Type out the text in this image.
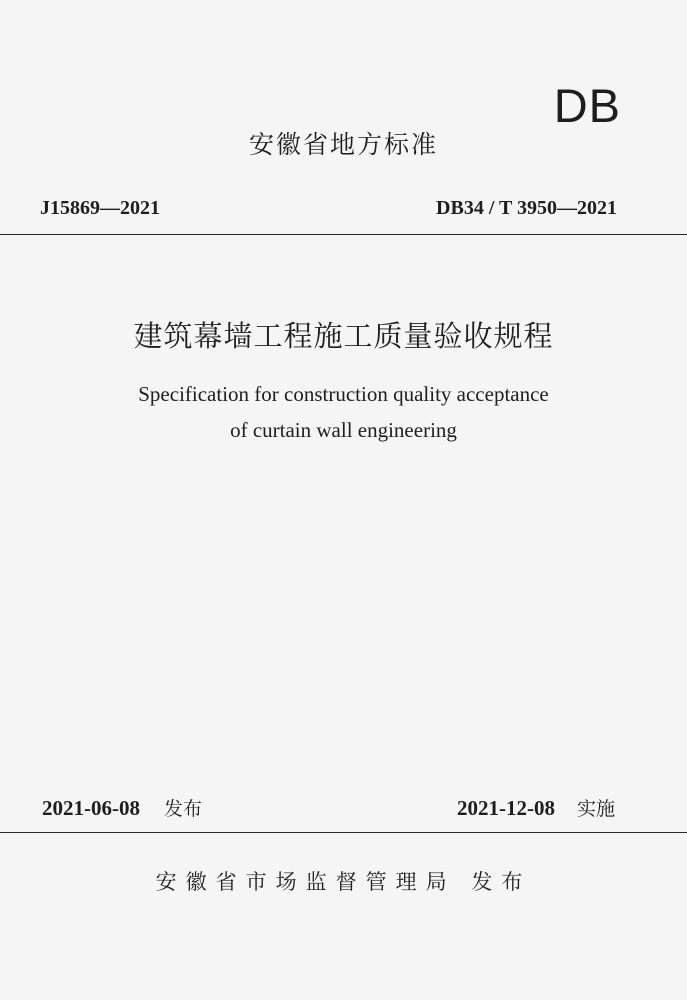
DB
安徽省地方标准
J15869—2021	DB34 / T 3950—2021
建筑幕墙工程施工质量验收规程
Specification for construction quality acceptance
of curtain wall engineering
2021-06-08 发布	2021-12-08 实施
安徽省市场监督管理局 发布
